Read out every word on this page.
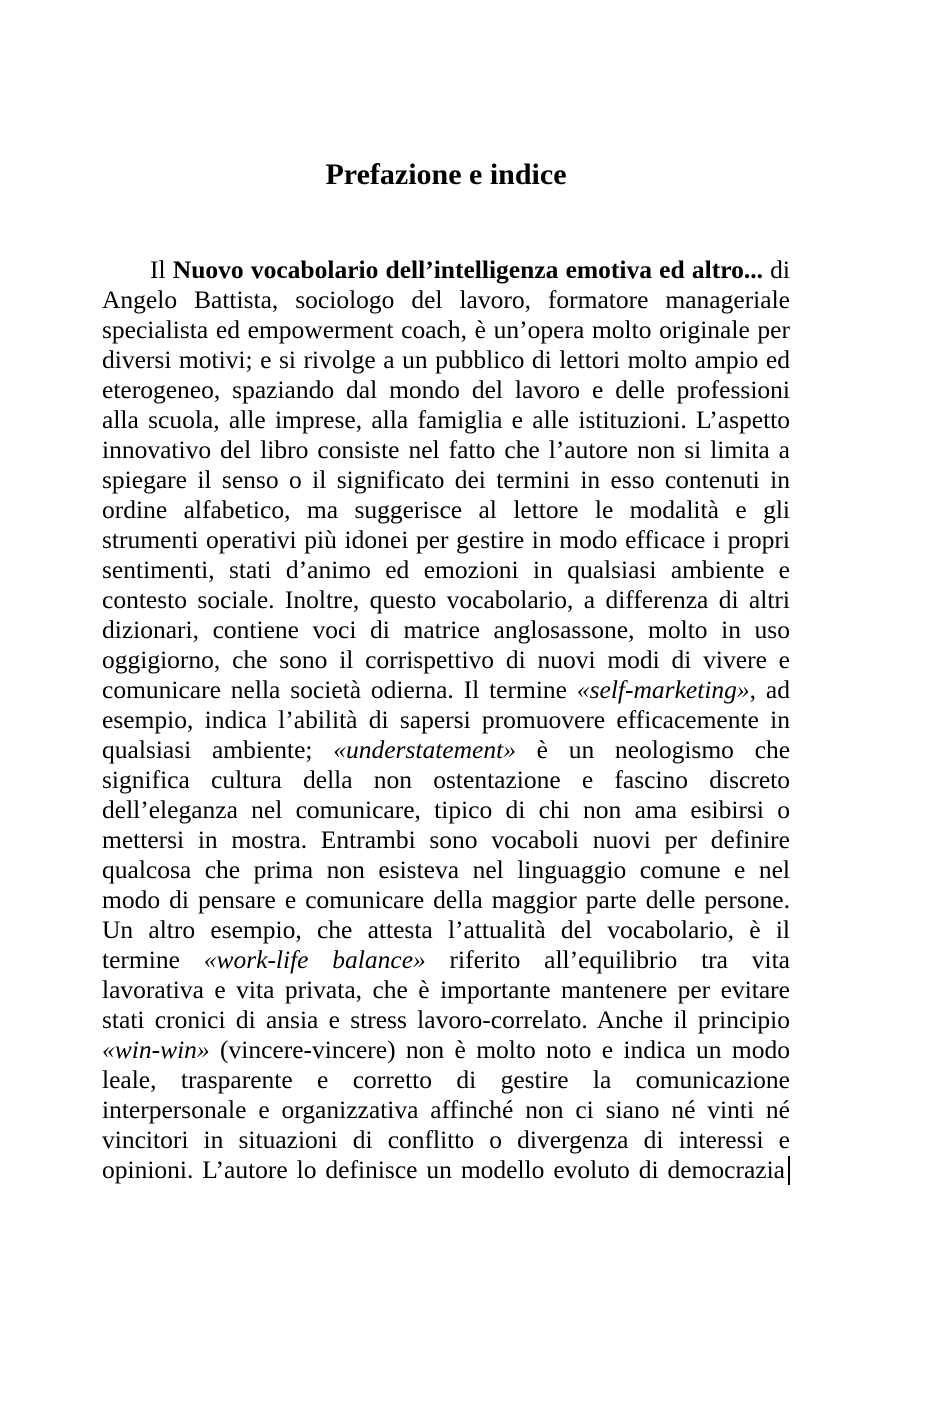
Prefazione e indice
Il Nuovo vocabolario dell’intelligenza emotiva ed altro... di
Angelo Battista, sociologo del lavoro, formatore manageriale
specialista ed empowerment coach, è un’opera molto originale per
diversi motivi; e si rivolge a un pubblico di lettori molto ampio ed
eterogeneo, spaziando dal mondo del lavoro e delle professioni
alla scuola, alle imprese, alla famiglia e alle istituzioni. L’aspetto
innovativo del libro consiste nel fatto che l’autore non si limita a
spiegare il senso o il significato dei termini in esso contenuti in
ordine alfabetico, ma suggerisce al lettore le modalità e gli
strumenti operativi più idonei per gestire in modo efficace i propri
sentimenti, stati d’animo ed emozioni in qualsiasi ambiente e
contesto sociale. Inoltre, questo vocabolario, a differenza di altri
dizionari, contiene voci di matrice anglosassone, molto in uso
oggigiorno, che sono il corrispettivo di nuovi modi di vivere e
comunicare nella società odierna. Il termine «self-marketing», ad
esempio, indica l’abilità di sapersi promuovere efficacemente in
qualsiasi ambiente; «understatement» è un neologismo che
significa cultura della non ostentazione e fascino discreto
dell’eleganza nel comunicare, tipico di chi non ama esibirsi o
mettersi in mostra. Entrambi sono vocaboli nuovi per definire
qualcosa che prima non esisteva nel linguaggio comune e nel
modo di pensare e comunicare della maggior parte delle persone.
Un altro esempio, che attesta l’attualità del vocabolario, è il
termine «work-life balance» riferito all’equilibrio tra vita
lavorativa e vita privata, che è importante mantenere per evitare
stati cronici di ansia e stress lavoro-correlato. Anche il principio
«win-win» (vincere-vincere) non è molto noto e indica un modo
leale, trasparente e corretto di gestire la comunicazione
interpersonale e organizzativa affinché non ci siano né vinti né
vincitori in situazioni di conflitto o divergenza di interessi e
opinioni. L’autore lo definisce un modello evoluto di democrazia
